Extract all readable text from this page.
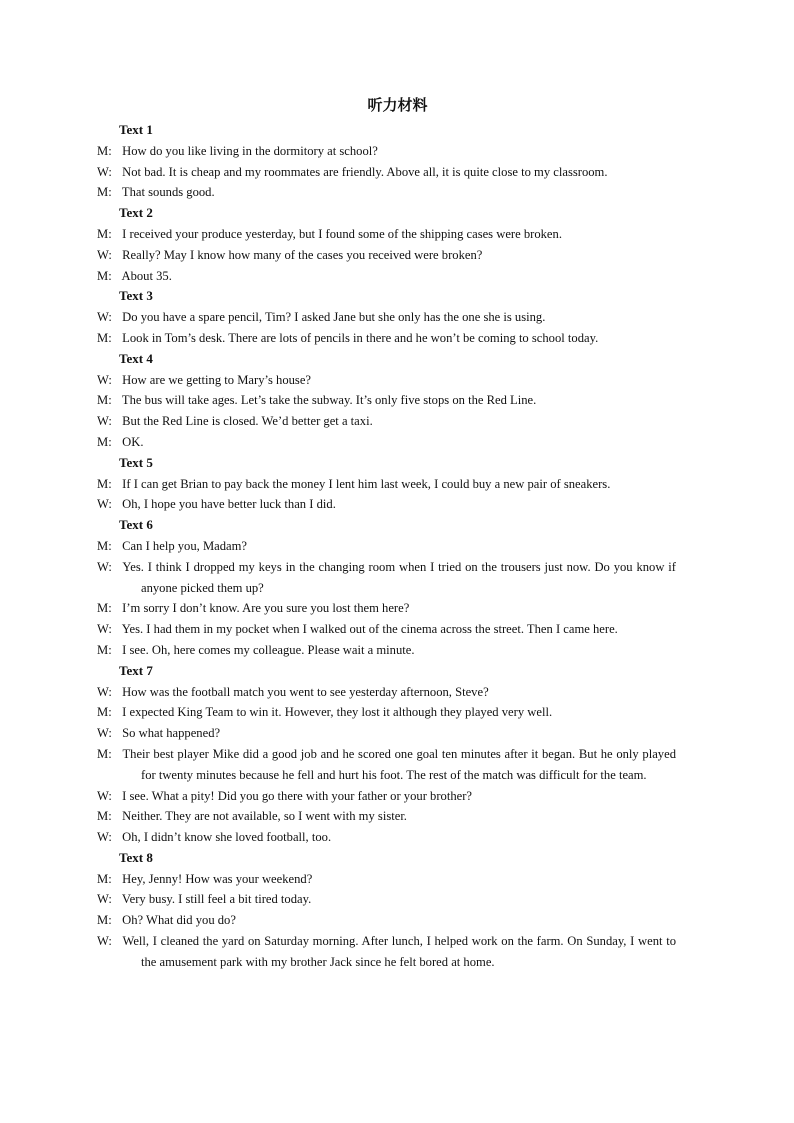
听力材料
Text 1
M: How do you like living in the dormitory at school?
W: Not bad. It is cheap and my roommates are friendly. Above all, it is quite close to my classroom.
M: That sounds good.
Text 2
M: I received your produce yesterday, but I found some of the shipping cases were broken.
W: Really? May I know how many of the cases you received were broken?
M: About 35.
Text 3
W: Do you have a spare pencil, Tim? I asked Jane but she only has the one she is using.
M: Look in Tom’s desk. There are lots of pencils in there and he won’t be coming to school today.
Text 4
W: How are we getting to Mary’s house?
M: The bus will take ages. Let’s take the subway. It’s only five stops on the Red Line.
W: But the Red Line is closed. We’d better get a taxi.
M: OK.
Text 5
M: If I can get Brian to pay back the money I lent him last week, I could buy a new pair of sneakers.
W: Oh, I hope you have better luck than I did.
Text 6
M: Can I help you, Madam?
W: Yes. I think I dropped my keys in the changing room when I tried on the trousers just now. Do you know if anyone picked them up?
M: I’m sorry I don’t know. Are you sure you lost them here?
W: Yes. I had them in my pocket when I walked out of the cinema across the street. Then I came here.
M: I see. Oh, here comes my colleague. Please wait a minute.
Text 7
W: How was the football match you went to see yesterday afternoon, Steve?
M: I expected King Team to win it. However, they lost it although they played very well.
W: So what happened?
M: Their best player Mike did a good job and he scored one goal ten minutes after it began. But he only played for twenty minutes because he fell and hurt his foot. The rest of the match was difficult for the team.
W: I see. What a pity! Did you go there with your father or your brother?
M: Neither. They are not available, so I went with my sister.
W: Oh, I didn’t know she loved football, too.
Text 8
M: Hey, Jenny! How was your weekend?
W: Very busy. I still feel a bit tired today.
M: Oh? What did you do?
W: Well, I cleaned the yard on Saturday morning. After lunch, I helped work on the farm. On Sunday, I went to the amusement park with my brother Jack since he felt bored at home.
